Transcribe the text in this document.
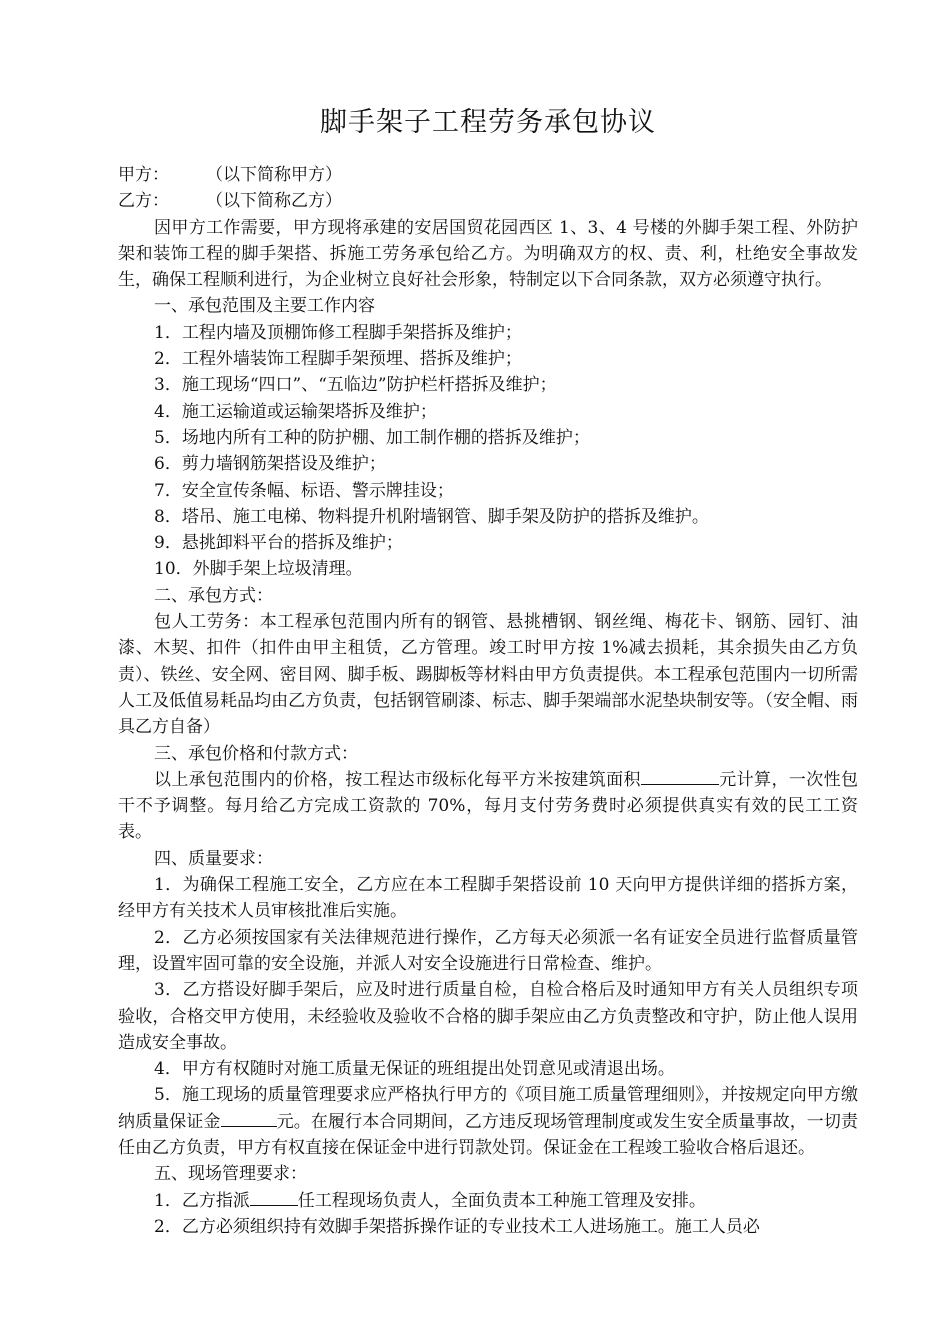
脚手架子工程劳务承包协议
甲方： （以下简称甲方）
乙方： （以下简称乙方）
因甲方工作需要，甲方现将承建的安居国贸花园西区 1、3、4 号楼的外脚手架工程、外防护架和装饰工程的脚手架搭、拆施工劳务承包给乙方。为明确双方的权、责、利，杜绝安全事故发生，确保工程顺利进行，为企业树立良好社会形象，特制定以下合同条款，双方必须遵守执行。
一、承包范围及主要工作内容
1．工程内墙及顶棚饰修工程脚手架搭拆及维护；
2．工程外墙装饰工程脚手架预埋、搭拆及维护；
3．施工现场“四口”、“五临边”防护栏杆搭拆及维护；
4．施工运输道或运输架塔拆及维护；
5．场地内所有工种的防护棚、加工制作棚的搭拆及维护；
6．剪力墙钢筋架搭设及维护；
7．安全宣传条幅、标语、警示牌挂设；
8．塔吊、施工电梯、物料提升机附墙钢管、脚手架及防护的搭拆及维护。
9．悬挑卸料平台的搭拆及维护；
10．外脚手架上垃圾清理。
二、承包方式：
包人工劳务：本工程承包范围内所有的钢管、悬挑槽钢、钢丝绳、梅花卡、钢筋、园钉、油漆、木契、扣件（扣件由甲主租赁，乙方管理。竣工时甲方按 1%减去损耗，其余损失由乙方负责）、铁丝、安全网、密目网、脚手板、踢脚板等材料由甲方负责提供。本工程承包范围内一切所需人工及低值易耗品均由乙方负责，包括钢管刷漆、标志、脚手架端部水泥垫块制安等。（安全帽、雨具乙方自备）
三、承包价格和付款方式：
以上承包范围内的价格，按工程达市级标化每平方米按建筑面积	元计算，一次性包干不予调整。每月给乙方完成工资款的 70%，每月支付劳务费时必须提供真实有效的民工工资表。
四、质量要求：
1．为确保工程施工安全，乙方应在本工程脚手架搭设前 10 天向甲方提供详细的搭拆方案，经甲方有关技术人员审核批准后实施。
2．乙方必须按国家有关法律规范进行操作，乙方每天必须派一名有证安全员进行监督质量管理，设置牢固可靠的安全设施，并派人对安全设施进行日常检查、维护。
3．乙方搭设好脚手架后，应及时进行质量自检，自检合格后及时通知甲方有关人员组织专项验收，合格交甲方使用，未经验收及验收不合格的脚手架应由乙方负责整改和守护，防止他人误用造成安全事故。
4．甲方有权随时对施工质量无保证的班组提出处罚意见或清退出场。
5．施工现场的质量管理要求应严格执行甲方的《项目施工质量管理细则》，并按规定向甲方缴纳质量保证金	元。在履行本合同期间，乙方违反现场管理制度或发生安全质量事故，一切责任由乙方负责，甲方有权直接在保证金中进行罚款处罚。保证金在工程竣工验收合格后退还。
五、现场管理要求：
1．乙方指派	任工程现场负责人，全面负责本工种施工管理及安排。
2．乙方必须组织持有效脚手架搭拆操作证的专业技术工人进场施工。施工人员必
